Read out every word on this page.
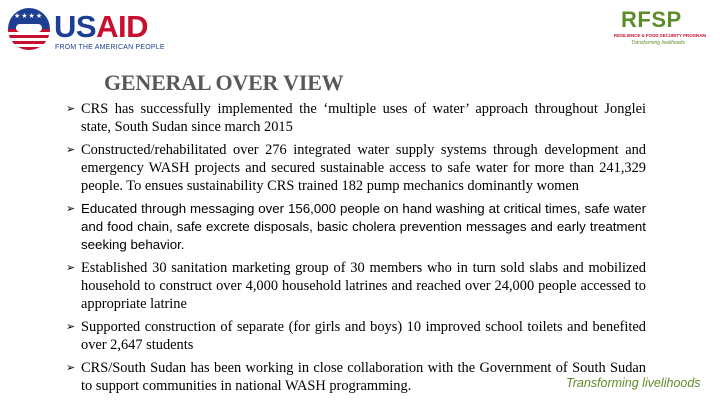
★★★★ USAID
FROM THE AMERICAN PEOPLE
RFSP
RESILIENCE & FOOD SECURITY PROGRAM
Transforming livelihoods
GENERAL OVER VIEW
➢ CRS has successfully implemented the ‘multiple uses of water’ approach throughout Jonglei state, South Sudan since march 2015
➢ Constructed/rehabilitated over 276 integrated water supply systems through development and emergency WASH projects and secured sustainable access to safe water for more than 241,329 people. To ensues sustainability CRS trained 182 pump mechanics dominantly women
➢ Educated through messaging over 156,000 people on hand washing at critical times, safe water and food chain, safe excrete disposals, basic cholera prevention messages and early treatment seeking behavior.
➢ Established 30 sanitation marketing group of 30 members who in turn sold slabs and mobilized household to construct over 4,000 household latrines and reached over 24,000 people accessed to appropriate latrine
➢ Supported construction of separate (for girls and boys) 10 improved school toilets and benefited over 2,647 students
➢ CRS/South Sudan has been working in close collaboration with the Government of South Sudan to support communities in national WASH programming.	Transforming livelihoods
